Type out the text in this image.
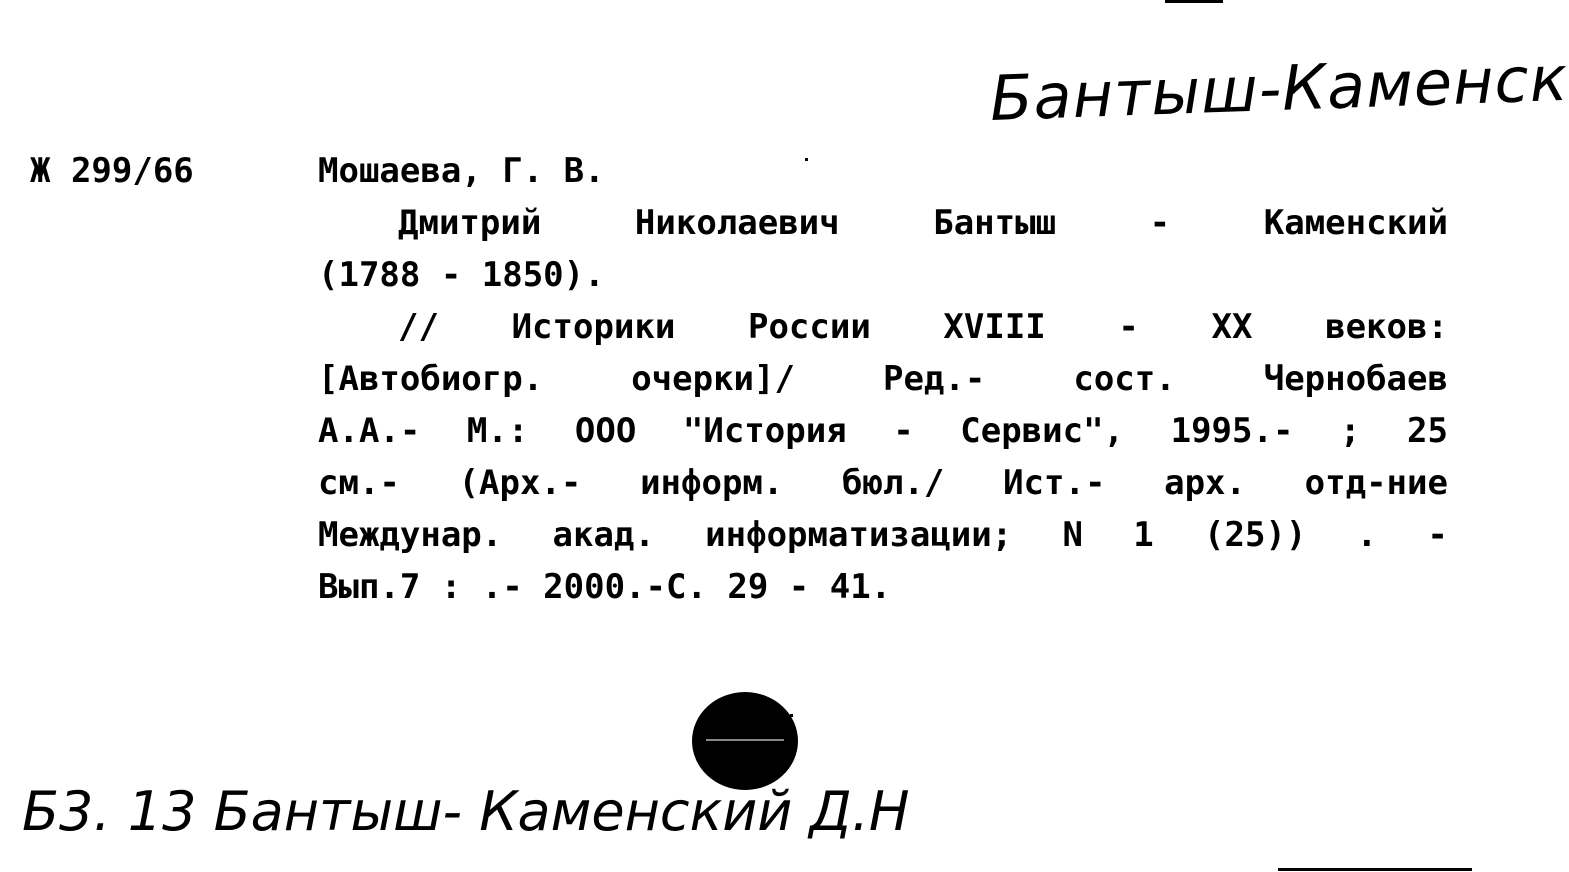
Бантыш-Каменск
Ж 299/66	Мошаева, Г. В.
Дмитрий	Николаевич	Бантыш	-	Каменский
(1788 - 1850).
// Историки России XVIII - XX веков:
[Автобиогр.	очерки]/	Ред.-	сост.	Чернобаев
А.А.- М.: ООО "История - Сервис", 1995.- ; 25
см.- (Арх.- информ. бюл./ Ист.- арх. отд-ние
Междунар. акад. информатизации; N 1 (25)) . -
Вып.7 : .- 2000.-С. 29 - 41.
Б3. 13 Бантыш- Каменский Д.Н
